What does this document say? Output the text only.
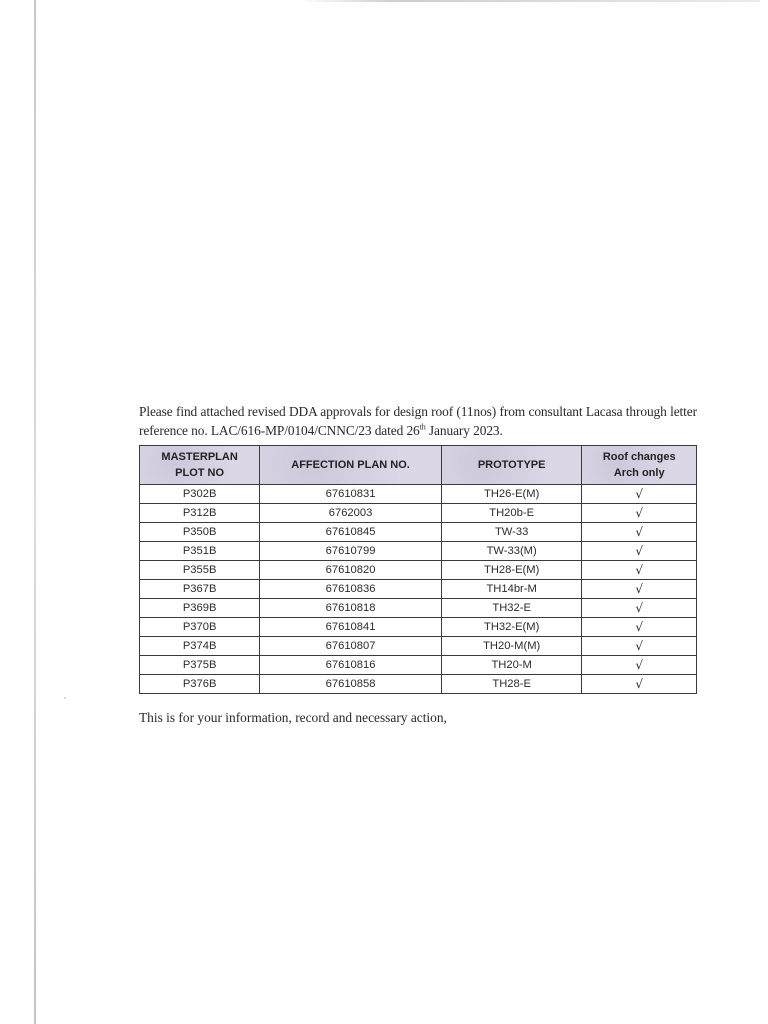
Please find attached revised DDA approvals for design roof (11nos) from consultant Lacasa through letter reference no. LAC/616-MP/0104/CNNC/23 dated 26th January 2023.

MASTERPLAN PLOT NO	AFFECTION PLAN NO.	PROTOTYPE	Roof changes Arch only
P302B	67610831	TH26-E(M)	√
P312B	6762003	TH20b-E	√
P350B	67610845	TW-33	√
P351B	67610799	TW-33(M)	√
P355B	67610820	TH28-E(M)	√
P367B	67610836	TH14br-M	√
P369B	67610818	TH32-E	√
P370B	67610841	TH32-E(M)	√
P374B	67610807	TH20-M(M)	√
P375B	67610816	TH20-M	√
P376B	67610858	TH28-E	√
This is for your information, record and necessary action,
